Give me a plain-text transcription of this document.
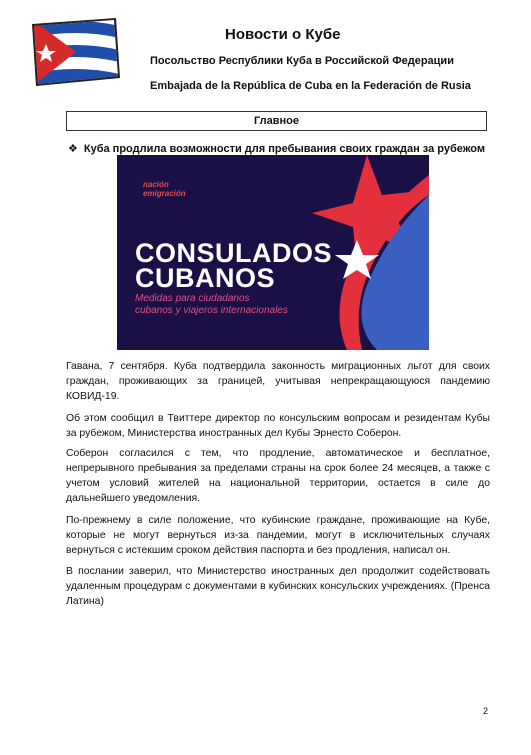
Новости о Кубе
Посольство Республики Куба в Российской Федерации
Embajada de la República de Cuba en la Federación de Rusia
Главное
❖ Куба продлила возможности для пребывания своих граждан за рубежом
nación
emigración
CONSULADOS
CUBANOS
Medidas para ciudadanos
cubanos y viajeros internacionales

Гавана, 7 сентября. Куба подтвердила законность миграционных льгот для своих граждан, проживающих за границей, учитывая непрекращающуюся пандемию КОВИД-19.

Об этом сообщил в Твиттере директор по консульским вопросам и резидентам Кубы за рубежом, Министерства иностранных дел Кубы Эрнесто Соберон.

Соберон согласился с тем, что продление, автоматическое и бесплатное, непрерывного пребывания за пределами страны на срок более 24 месяцев, а также с учетом условий жителей на национальной территории, остается в силе до дальнейшего уведомления.

По-прежнему в силе положение, что кубинские граждане, проживающие на Кубе, которые не могут вернуться из-за пандемии, могут в исключительных случаях вернуться с истекшим сроком действия паспорта и без продления, написал он.

В послании заверил, что Министерство иностранных дел продолжит содействовать удаленным процедурам с документами в кубинских консульских учреждениях. (Пренса Латина)

2
